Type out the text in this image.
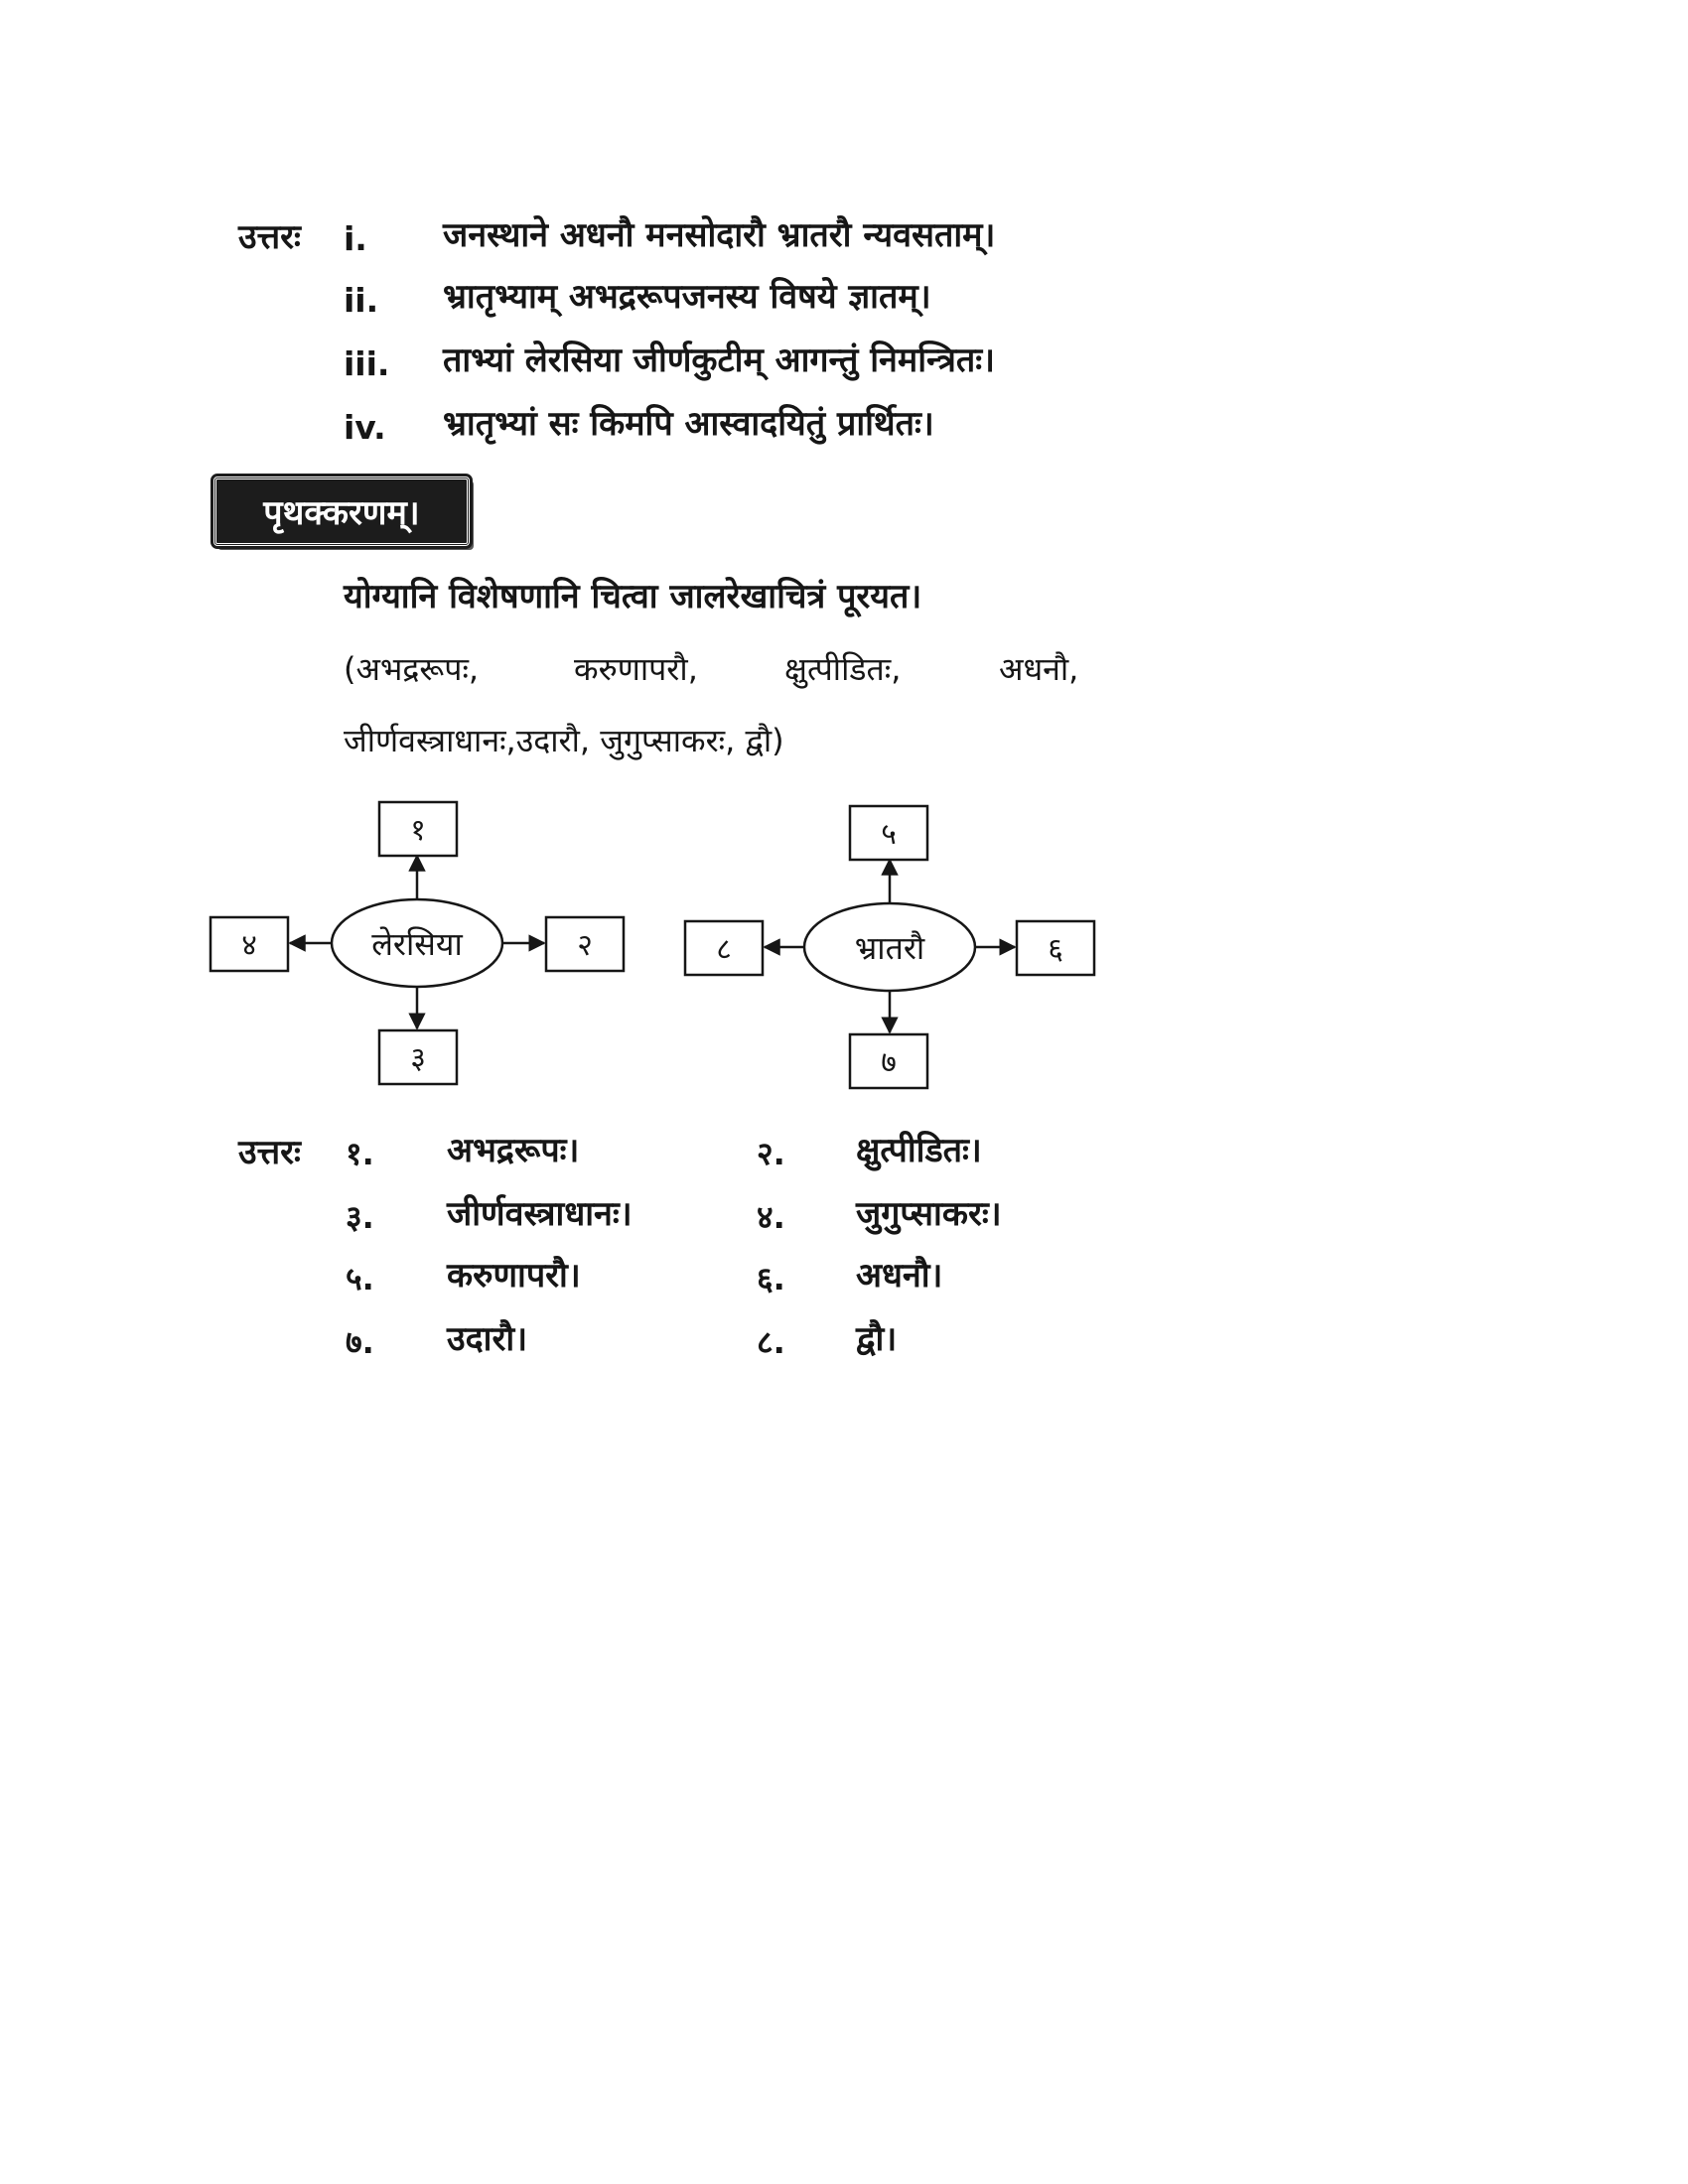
उत्तरः i. जनस्थाने अधनौ मनसोदारौ भ्रातरौ न्यवसताम्।
ii. भ्रातृभ्याम् अभद्ररूपजनस्य विषये ज्ञातम्।
iii. ताभ्यां लेरसिया जीर्णकुटीम् आगन्तुं निमन्त्रितः।
iv. भ्रातृभ्यां सः किमपि आस्वादयितुं प्रार्थितः।
पृथक्करणम्।
योग्यानि विशेषणानि चित्वा जालरेखाचित्रं पूरयत।
(अभद्ररूपः,	करुणापरौ,	क्षुत्पीडितः,	अधनौ,
जीर्णवस्त्राधानः,उदारौ, जुगुप्साकरः, द्वौ)
लेरसिया
१
२
३
४	भ्रातरौ
५
६
७
८
उत्तरः १. अभद्ररूपः।	२. क्षुत्पीडितः।
३. जीर्णवस्त्राधानः।	४. जुगुप्साकरः।
५. करुणापरौ।	६. अधनौ।
७. उदारौ।	८. द्वौ।
